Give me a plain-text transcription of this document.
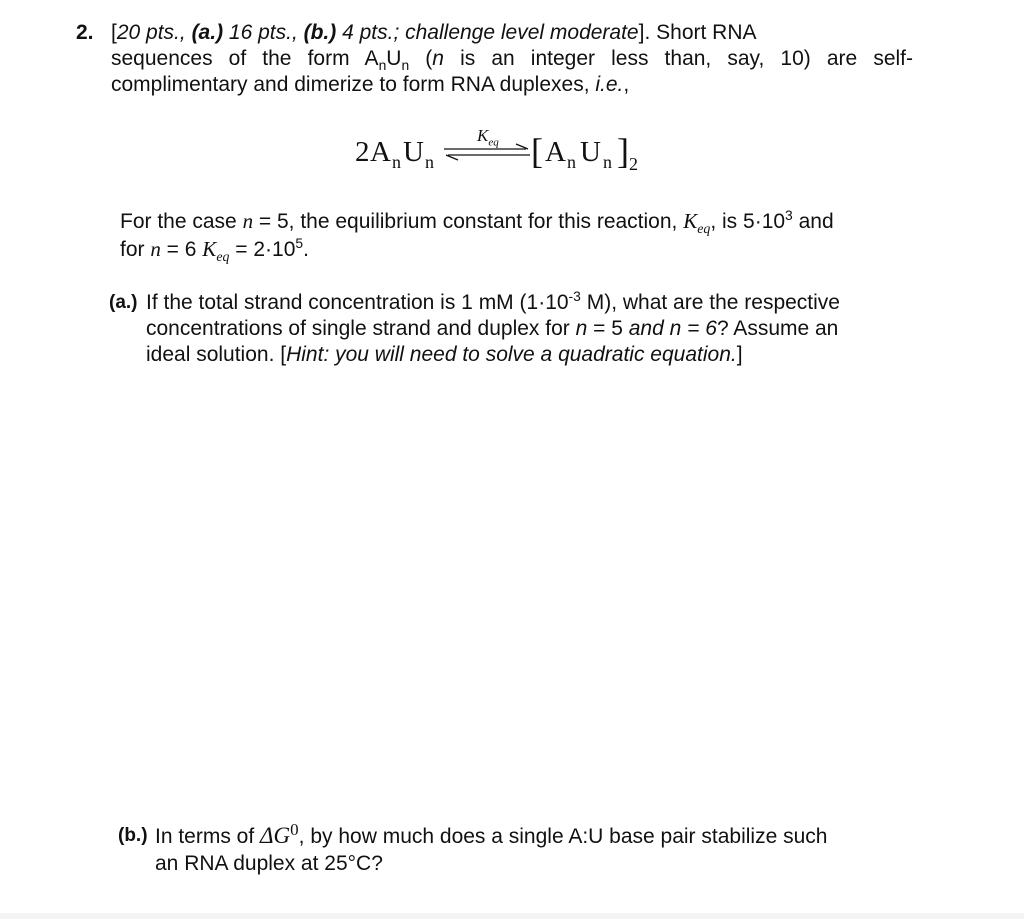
2. [20 pts., (a.) 16 pts., (b.) 4 pts.; challenge level moderate]. Short RNA
sequences of the form $A_nU_n$ (n is an integer less than, say, 10) are self-
complimentary and dimerize to form RNA duplexes, i.e.,
2 A n U n
$K_{eq}$ [ A n U n ] 2
For the case n = 5, the equilibrium constant for this reaction, $K_{eq}$, is $5\cdot 10^3$ and
for n = 6 $K_{eq} = 2\cdot 10^5$.
(a.) If the total strand concentration is 1 mM ($1\cdot 10^{-3}$ M), what are the respective
concentrations of single strand and duplex for n = 5 and n = 6? Assume an
ideal solution. [Hint: you will need to solve a quadratic equation.]
(b.) In terms of $\Delta G^0$, by how much does a single A:U base pair stabilize such
an RNA duplex at 25°C?
